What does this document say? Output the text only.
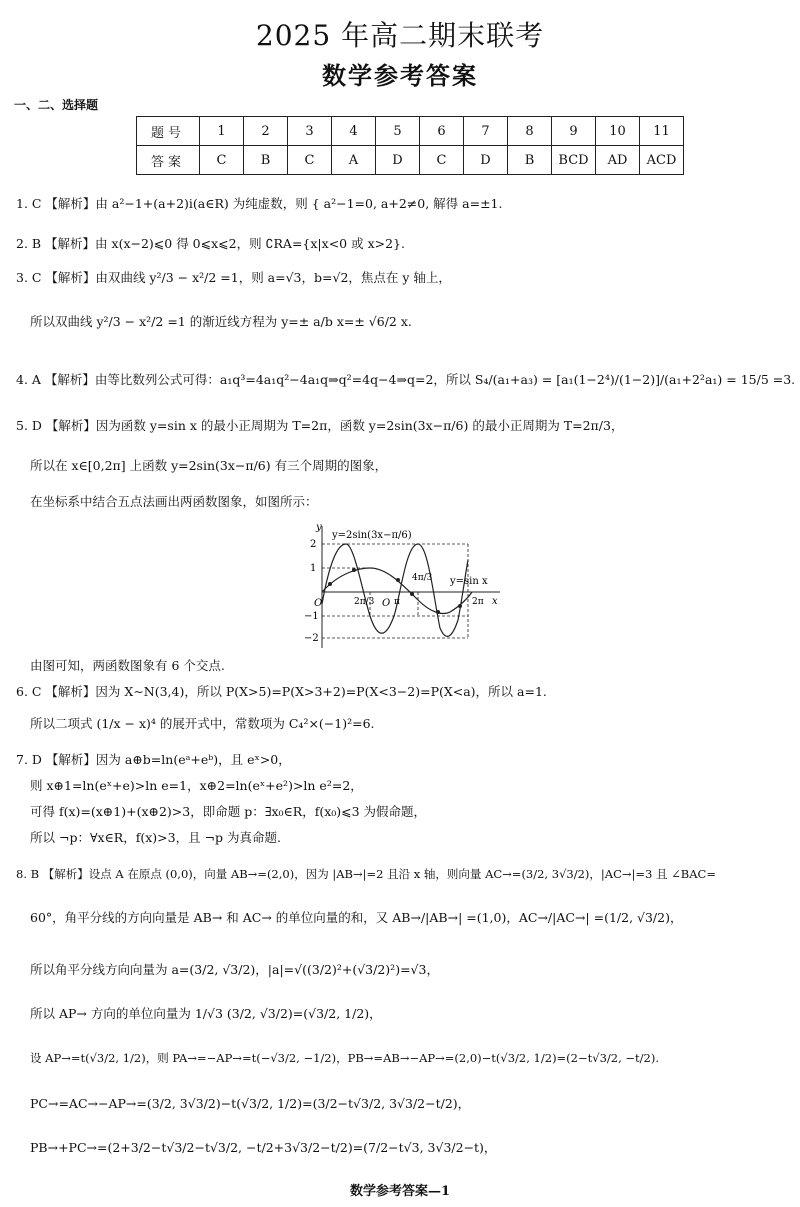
2025 年高二期末联考
数学参考答案
一、二、选择题
题号	1	2	3	4	5	6	7	8	9	10	11
答案	C	B	C	A	D	C	D	B	BCD	AD	ACD
1. C 【解析】由 a²−1+(a+2)i(a∈R) 为纯虚数，则 { a²−1=0, a+2≠0, 解得 a=±1.
2. B 【解析】由 x(x−2)⩽0 得 0⩽x⩽2，则 ∁RA={x|x<0 或 x>2}.
3. C 【解析】由双曲线 y²/3 − x²/2 =1，则 a=√3，b=√2，焦点在 y 轴上，
所以双曲线 y²/3 − x²/2 =1 的渐近线方程为 y=± a/b x=± √6/2 x.
4. A 【解析】由等比数列公式可得：a₁q³=4a₁q²−4a₁q⇒q²=4q−4⇒q=2，所以 S₄/(a₁+a₃) = [a₁(1−2⁴)/(1−2)]/(a₁+2²a₁) = 15/5 =3.
5. D 【解析】因为函数 y=sin x 的最小正周期为 T=2π，函数 y=2sin(3x−π/6) 的最小正周期为 T=2π/3，
所以在 x∈[0,2π] 上函数 y=2sin(3x−π/6) 有三个周期的图象，
在坐标系中结合五点法画出两函数图象，如图所示：
y
x
O	O
y=2sin(3x−π/6)
y=sin x
2
1
−1
−2
2π/3 π
4π/3
2π
由图可知，两函数图象有 6 个交点.
6. C 【解析】因为 X∼N(3,4)，所以 P(X>5)=P(X>3+2)=P(X<3−2)=P(X<a)，所以 a=1.
所以二项式 (1/x − x)⁴ 的展开式中，常数项为 C₄²×(−1)²=6.
7. D 【解析】因为 a⊕b=ln(eᵃ+eᵇ)，且 eˣ>0，
则 x⊕1=ln(eˣ+e)>ln e=1，x⊕2=ln(eˣ+e²)>ln e²=2，
可得 f(x)=(x⊕1)+(x⊕2)>3，即命题 p：∃x₀∈R，f(x₀)⩽3 为假命题，
所以 ¬p：∀x∈R，f(x)>3，且 ¬p 为真命题.
8. B 【解析】设点 A 在原点 (0,0)，向量 AB→=(2,0)，因为 |AB→|=2 且沿 x 轴，则向量 AC→=(3/2, 3√3/2)，|AC→|=3 且 ∠BAC=
60°，角平分线的方向向量是 AB→ 和 AC→ 的单位向量的和，又 AB→/|AB→| =(1,0)，AC→/|AC→| =(1/2, √3/2)，
所以角平分线方向向量为 a=(3/2, √3/2)，|a|=√((3/2)²+(√3/2)²)=√3，
所以 AP→ 方向的单位向量为 1/√3 (3/2, √3/2)=(√3/2, 1/2)，
设 AP→=t(√3/2, 1/2)，则 PA→=−AP→=t(−√3/2, −1/2)，PB→=AB→−AP→=(2,0)−t(√3/2, 1/2)=(2−t√3/2, −t/2).
PC→=AC→−AP→=(3/2, 3√3/2)−t(√3/2, 1/2)=(3/2−t√3/2, 3√3/2−t/2)，
PB→+PC→=(2+3/2−t√3/2−t√3/2, −t/2+3√3/2−t/2)=(7/2−t√3, 3√3/2−t)，
数学参考答案—1
